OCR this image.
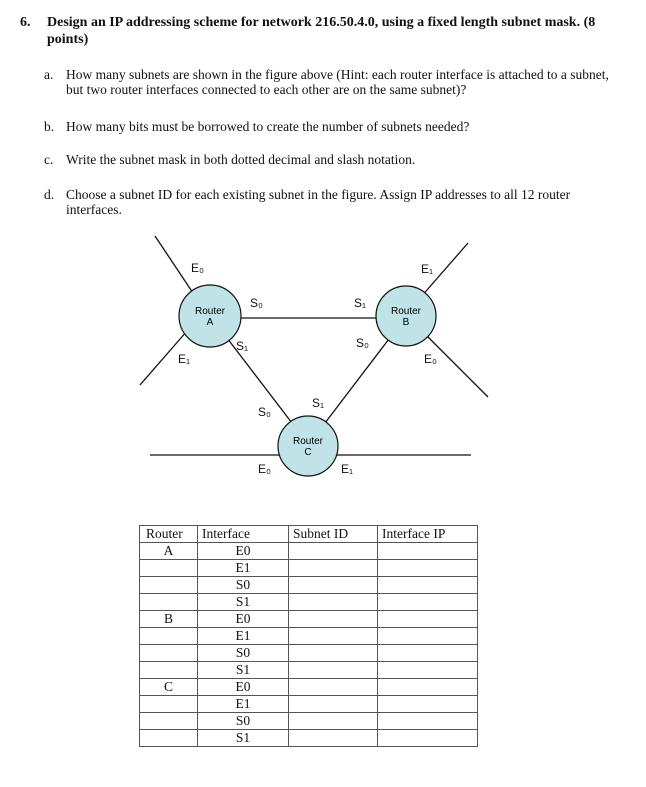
6. Design an IP addressing scheme for network 216.50.4.0, using a fixed length subnet mask. (8 points)
a. How many subnets are shown in the figure above (Hint: each router interface is attached to a subnet, but two router interfaces connected to each other are on the same subnet)?
b. How many bits must be borrowed to create the number of subnets needed?
c. Write the subnet mask in both dotted decimal and slash notation.
d. Choose a subnet ID for each existing subnet in the figure. Assign IP addresses to all 12 router interfaces.
Router
A
Router
B
Router
C
E₀
E₁
S₀
S₁
E₁
E₀
S₁
S₀
S₁
S₀
E₀	E₁
Router	Interface	Subnet ID	Interface IP
A	E0		
	E1		
	S0		
	S1		
B	E0		
	E1		
	S0		
	S1		
C	E0		
	E1		
	S0		
	S1		
